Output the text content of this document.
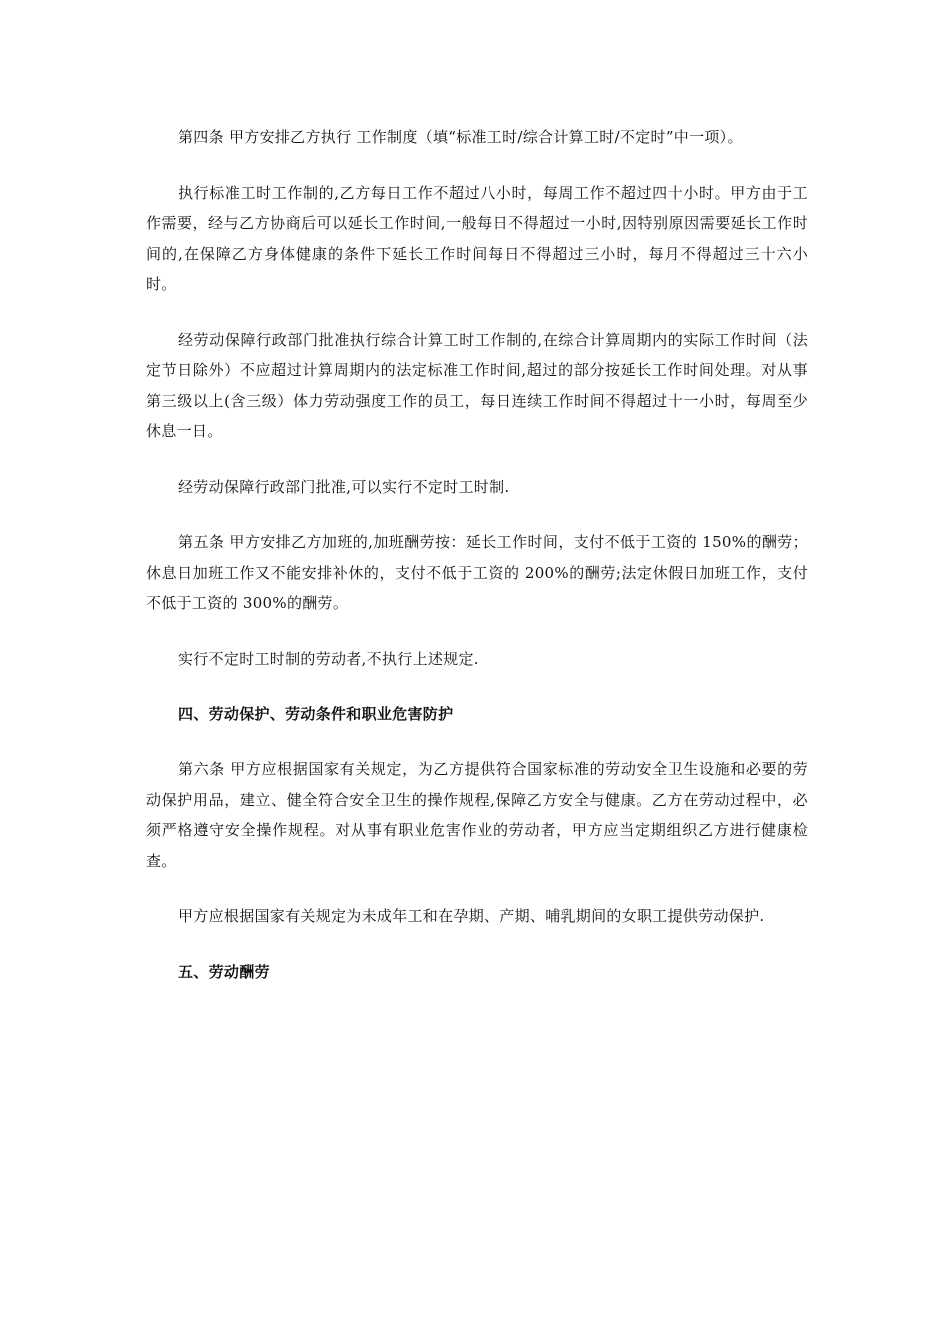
第四条 甲方安排乙方执行 工作制度（填“标准工时/综合计算工时/不定时”中一项）。

执行标准工时工作制的,乙方每日工作不超过八小时，每周工作不超过四十小时。甲方由于工作需要，经与乙方协商后可以延长工作时间,一般每日不得超过一小时,因特别原因需要延长工作时间的,在保障乙方身体健康的条件下延长工作时间每日不得超过三小时，每月不得超过三十六小时。

经劳动保障行政部门批准执行综合计算工时工作制的,在综合计算周期内的实际工作时间（法定节日除外）不应超过计算周期内的法定标准工作时间,超过的部分按延长工作时间处理。对从事第三级以上(含三级）体力劳动强度工作的员工，每日连续工作时间不得超过十一小时，每周至少休息一日。

经劳动保障行政部门批准,可以实行不定时工时制.

第五条 甲方安排乙方加班的,加班酬劳按：延长工作时间，支付不低于工资的 150%的酬劳；休息日加班工作又不能安排补休的，支付不低于工资的 200%的酬劳;法定休假日加班工作，支付不低于工资的 300%的酬劳。

实行不定时工时制的劳动者,不执行上述规定.

四、劳动保护、劳动条件和职业危害防护

第六条 甲方应根据国家有关规定，为乙方提供符合国家标准的劳动安全卫生设施和必要的劳动保护用品，建立、健全符合安全卫生的操作规程,保障乙方安全与健康。乙方在劳动过程中，必须严格遵守安全操作规程。对从事有职业危害作业的劳动者，甲方应当定期组织乙方进行健康检查。

甲方应根据国家有关规定为未成年工和在孕期、产期、哺乳期间的女职工提供劳动保护.

五、劳动酬劳
